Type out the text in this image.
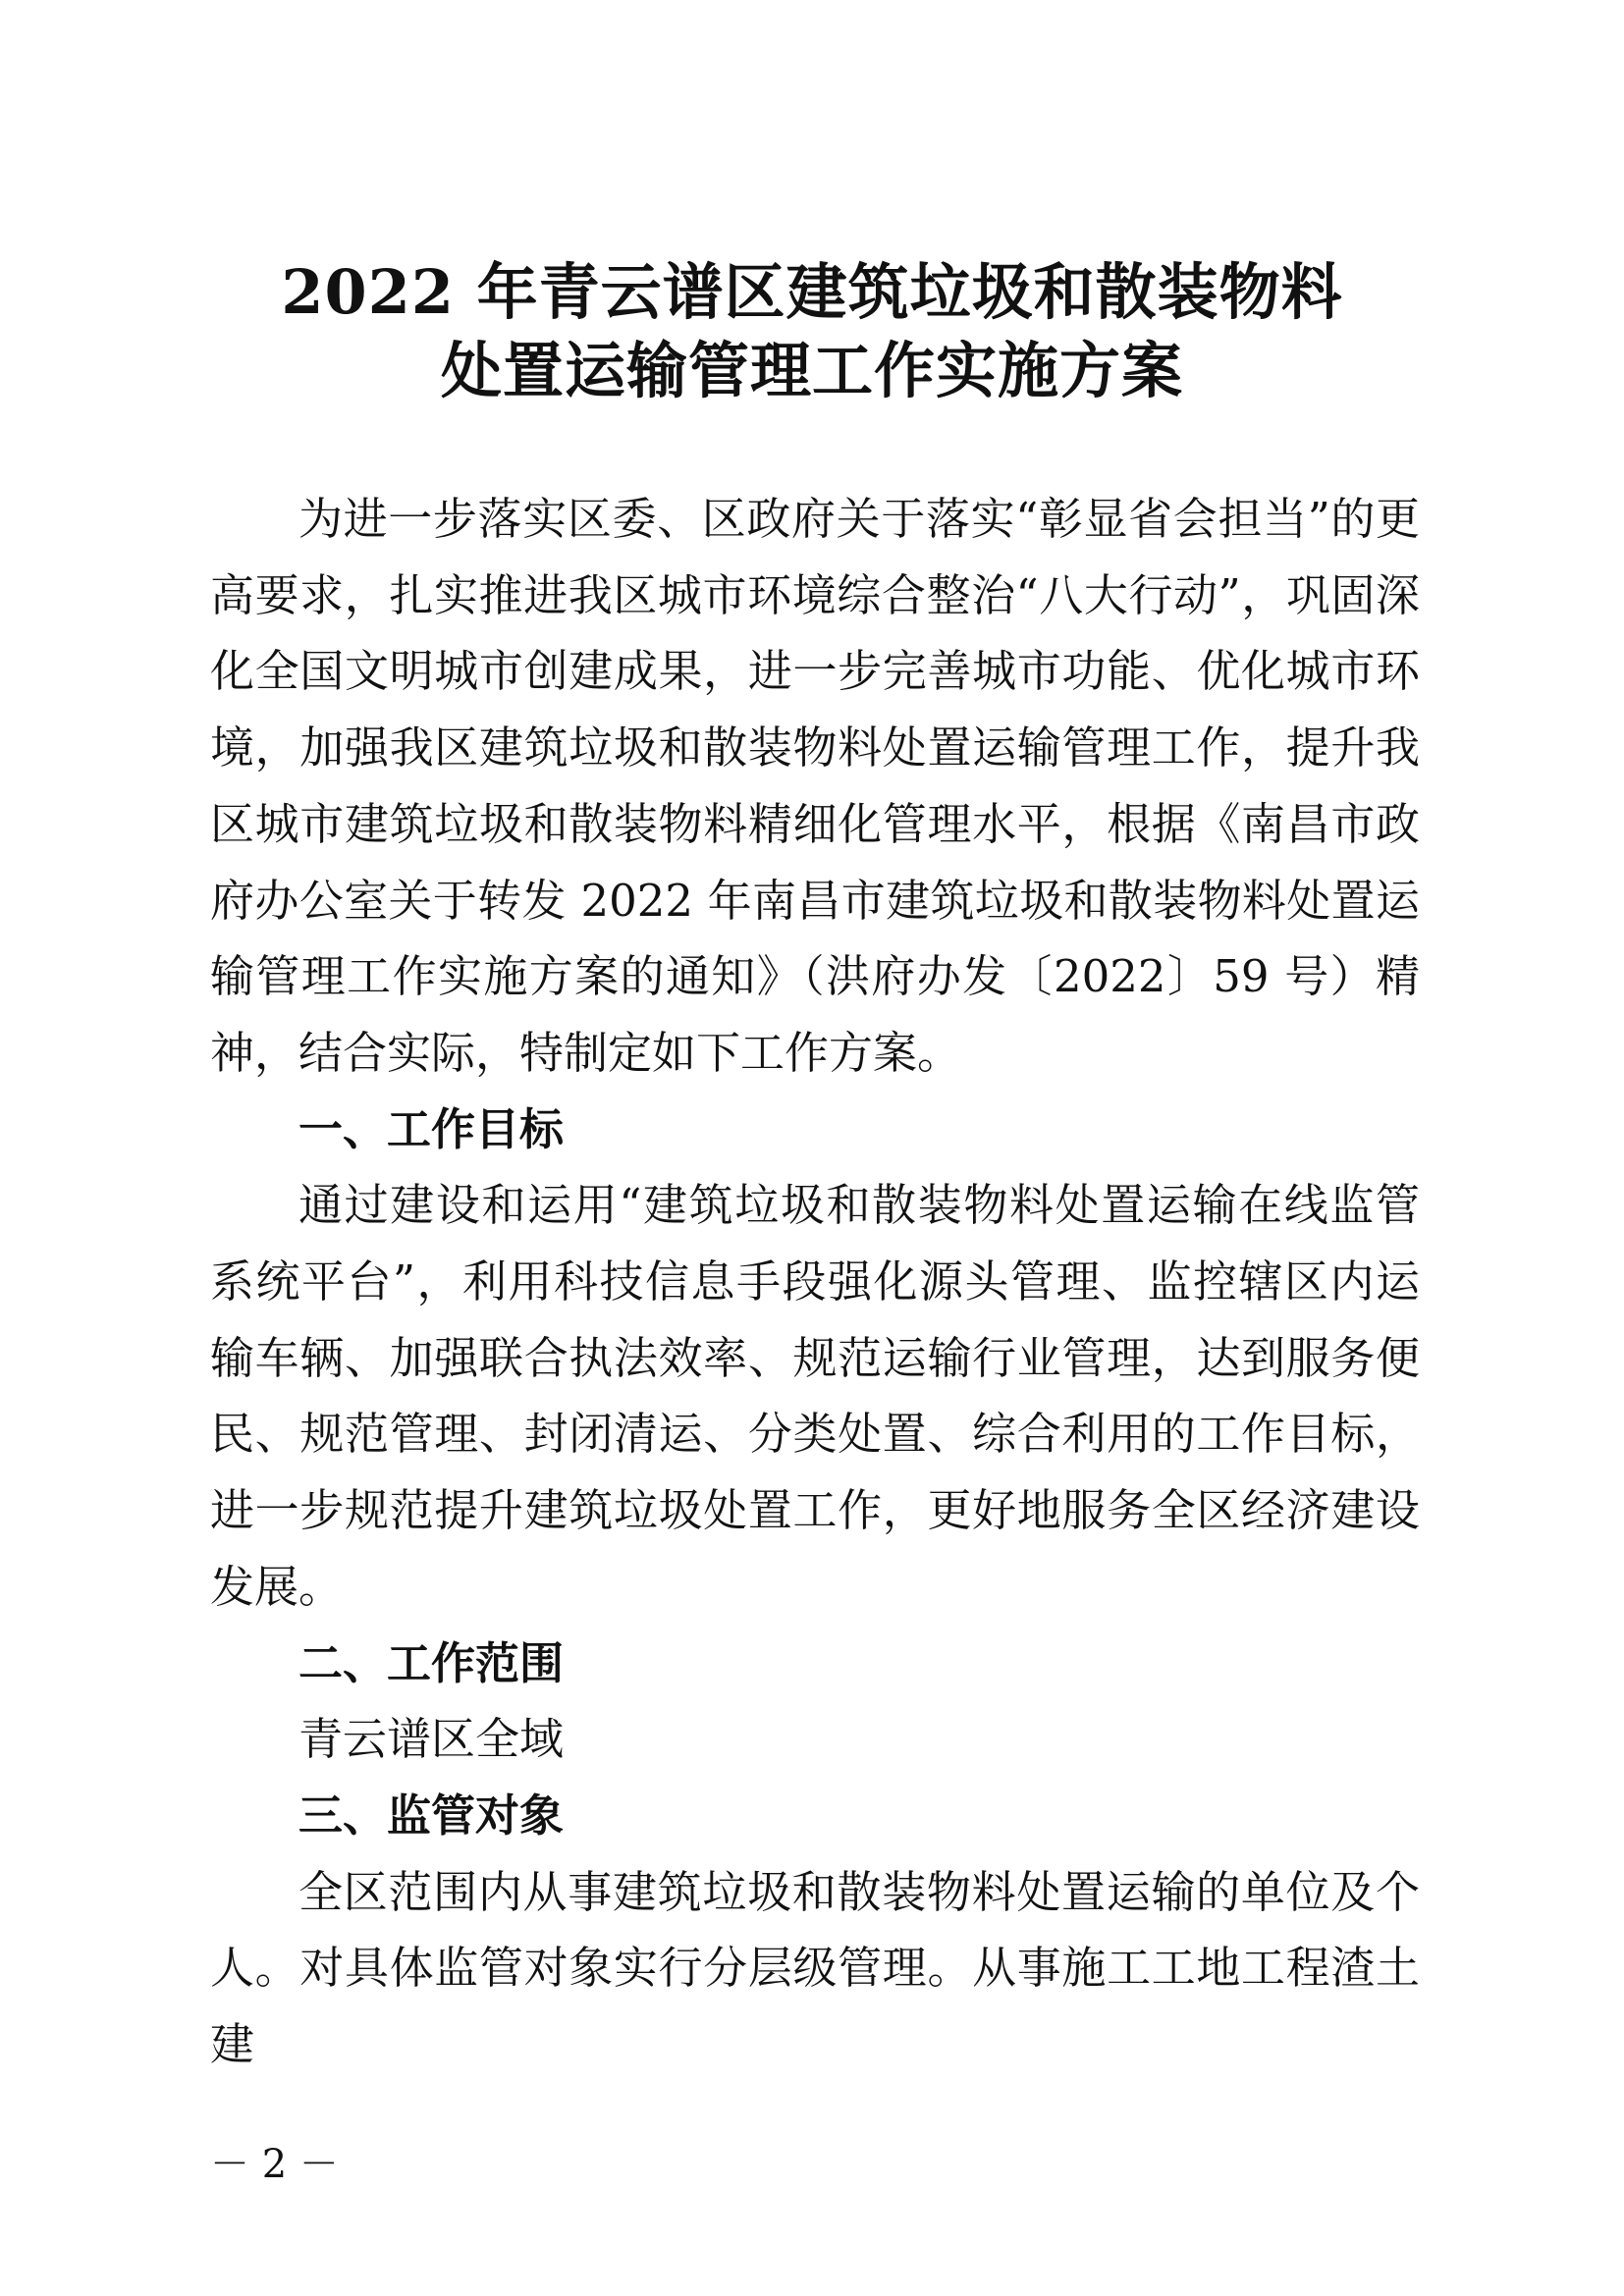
2022 年青云谱区建筑垃圾和散装物料
处置运输管理工作实施方案

为进一步落实区委、区政府关于落实“彰显省会担当”的更高要求，扎实推进我区城市环境综合整治“八大行动”，巩固深化全国文明城市创建成果，进一步完善城市功能、优化城市环境，加强我区建筑垃圾和散装物料处置运输管理工作，提升我区城市建筑垃圾和散装物料精细化管理水平，根据《南昌市政府办公室关于转发 2022 年南昌市建筑垃圾和散装物料处置运输管理工作实施方案的通知》（洪府办发〔2022〕59 号）精神，结合实际，特制定如下工作方案。

一、工作目标

通过建设和运用“建筑垃圾和散装物料处置运输在线监管系统平台”，利用科技信息手段强化源头管理、监控辖区内运输车辆、加强联合执法效率、规范运输行业管理，达到服务便民、规范管理、封闭清运、分类处置、综合利用的工作目标，进一步规范提升建筑垃圾处置工作，更好地服务全区经济建设发展。

二、工作范围

青云谱区全域

三、监管对象

全区范围内从事建筑垃圾和散装物料处置运输的单位及个人。对具体监管对象实行分层级管理。从事施工工地工程渣土建

－ 2 －
